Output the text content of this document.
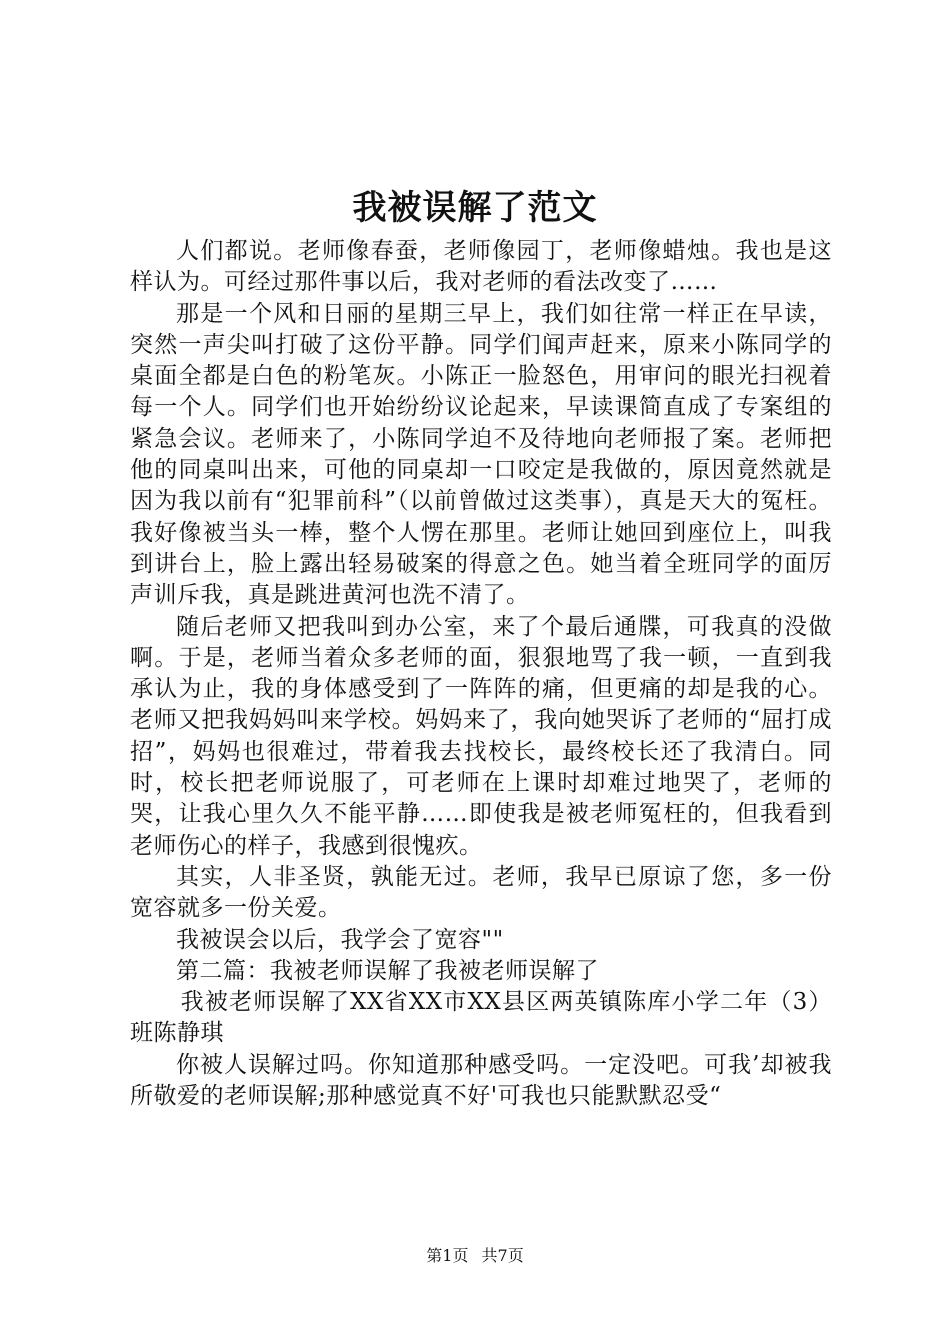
我被误解了范文

人们都说。老师像春蚕，老师像园丁，老师像蜡烛。我也是这样认为。可经过那件事以后，我对老师的看法改变了……

那是一个风和日丽的星期三早上，我们如往常一样正在早读，突然一声尖叫打破了这份平静。同学们闻声赶来，原来小陈同学的桌面全都是白色的粉笔灰。小陈正一脸怒色，用审问的眼光扫视着每一个人。同学们也开始纷纷议论起来，早读课简直成了专案组的紧急会议。老师来了，小陈同学迫不及待地向老师报了案。老师把他的同桌叫出来，可他的同桌却一口咬定是我做的，原因竟然就是因为我以前有“犯罪前科”（以前曾做过这类事），真是天大的冤枉。我好像被当头一棒，整个人愣在那里。老师让她回到座位上，叫我到讲台上，脸上露出轻易破案的得意之色。她当着全班同学的面厉声训斥我，真是跳进黄河也洗不清了。

随后老师又把我叫到办公室，来了个最后通牒，可我真的没做啊。于是，老师当着众多老师的面，狠狠地骂了我一顿，一直到我承认为止，我的身体感受到了一阵阵的痛，但更痛的却是我的心。老师又把我妈妈叫来学校。妈妈来了，我向她哭诉了老师的“屈打成招”，妈妈也很难过，带着我去找校长，最终校长还了我清白。同时，校长把老师说服了，可老师在上课时却难过地哭了，老师的哭，让我心里久久不能平静……即使我是被老师冤枉的，但我看到老师伤心的样子，我感到很愧疚。

其实，人非圣贤，孰能无过。老师，我早已原谅了您，多一份宽容就多一份关爱。

我被误会以后，我学会了宽容""

第二篇：我被老师误解了我被老师误解了

我被老师误解了XX省XX市XX县区两英镇陈库小学二年（3）班陈静琪

你被人误解过吗。你知道那种感受吗。一定没吧。可我’却被我所敬爱的老师误解;那种感觉真不好'可我也只能默默忍受“

第1页 共7页
